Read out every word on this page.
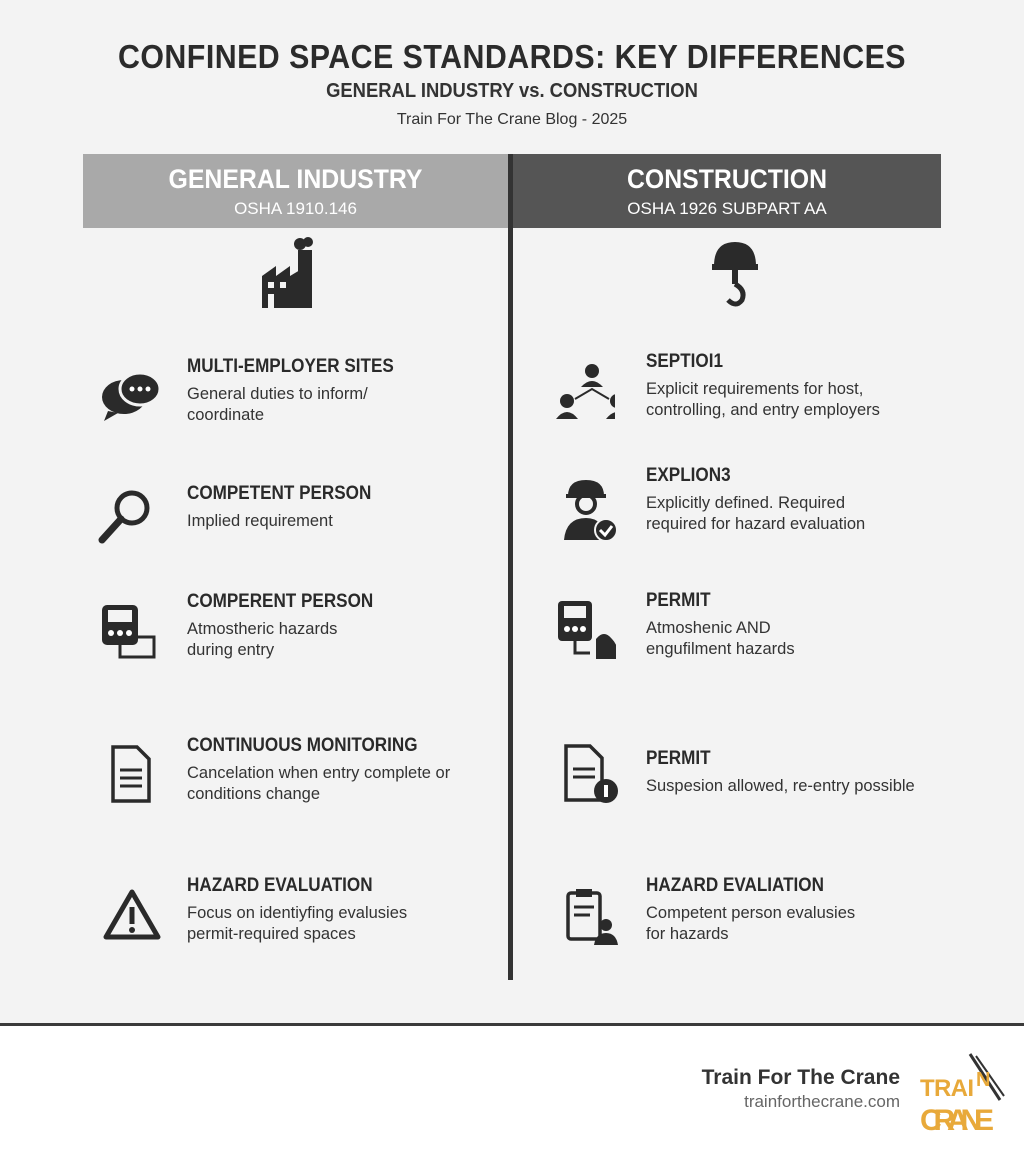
CONFINED SPACE STANDARDS: KEY DIFFERENCES
GENERAL INDUSTRY vs. CONSTRUCTION
Train For The Crane Blog - 2025
GENERAL INDUSTRY
OSHA 1910.146
CONSTRUCTION
OSHA 1926 SUBPART AA
MULTI-EMPLOYER SITES
General duties to inform/ coordinate
COMPETENT PERSON
Implied requirement
COMPERENT PERSON
Atmostheric hazards during entry
CONTINUOUS MONITORING
Cancelation when entry complete or conditions change
HAZARD EVALUATION
Focus on identiyfing evalusies permit-required spaces
SEPTIOI1
Explicit requirements for host, controlling, and entry employers
EXPLION3
Explicitly defined. Required required for hazard evaluation
PERMIT
Atmoshenic AND engufilment hazards
PERMIT
Suspesion allowed, re-entry possible
HAZARD EVALIATION
Competent person evalusies for hazards
Train For The Crane
trainforthecrane.com TRAI N
CRANE
